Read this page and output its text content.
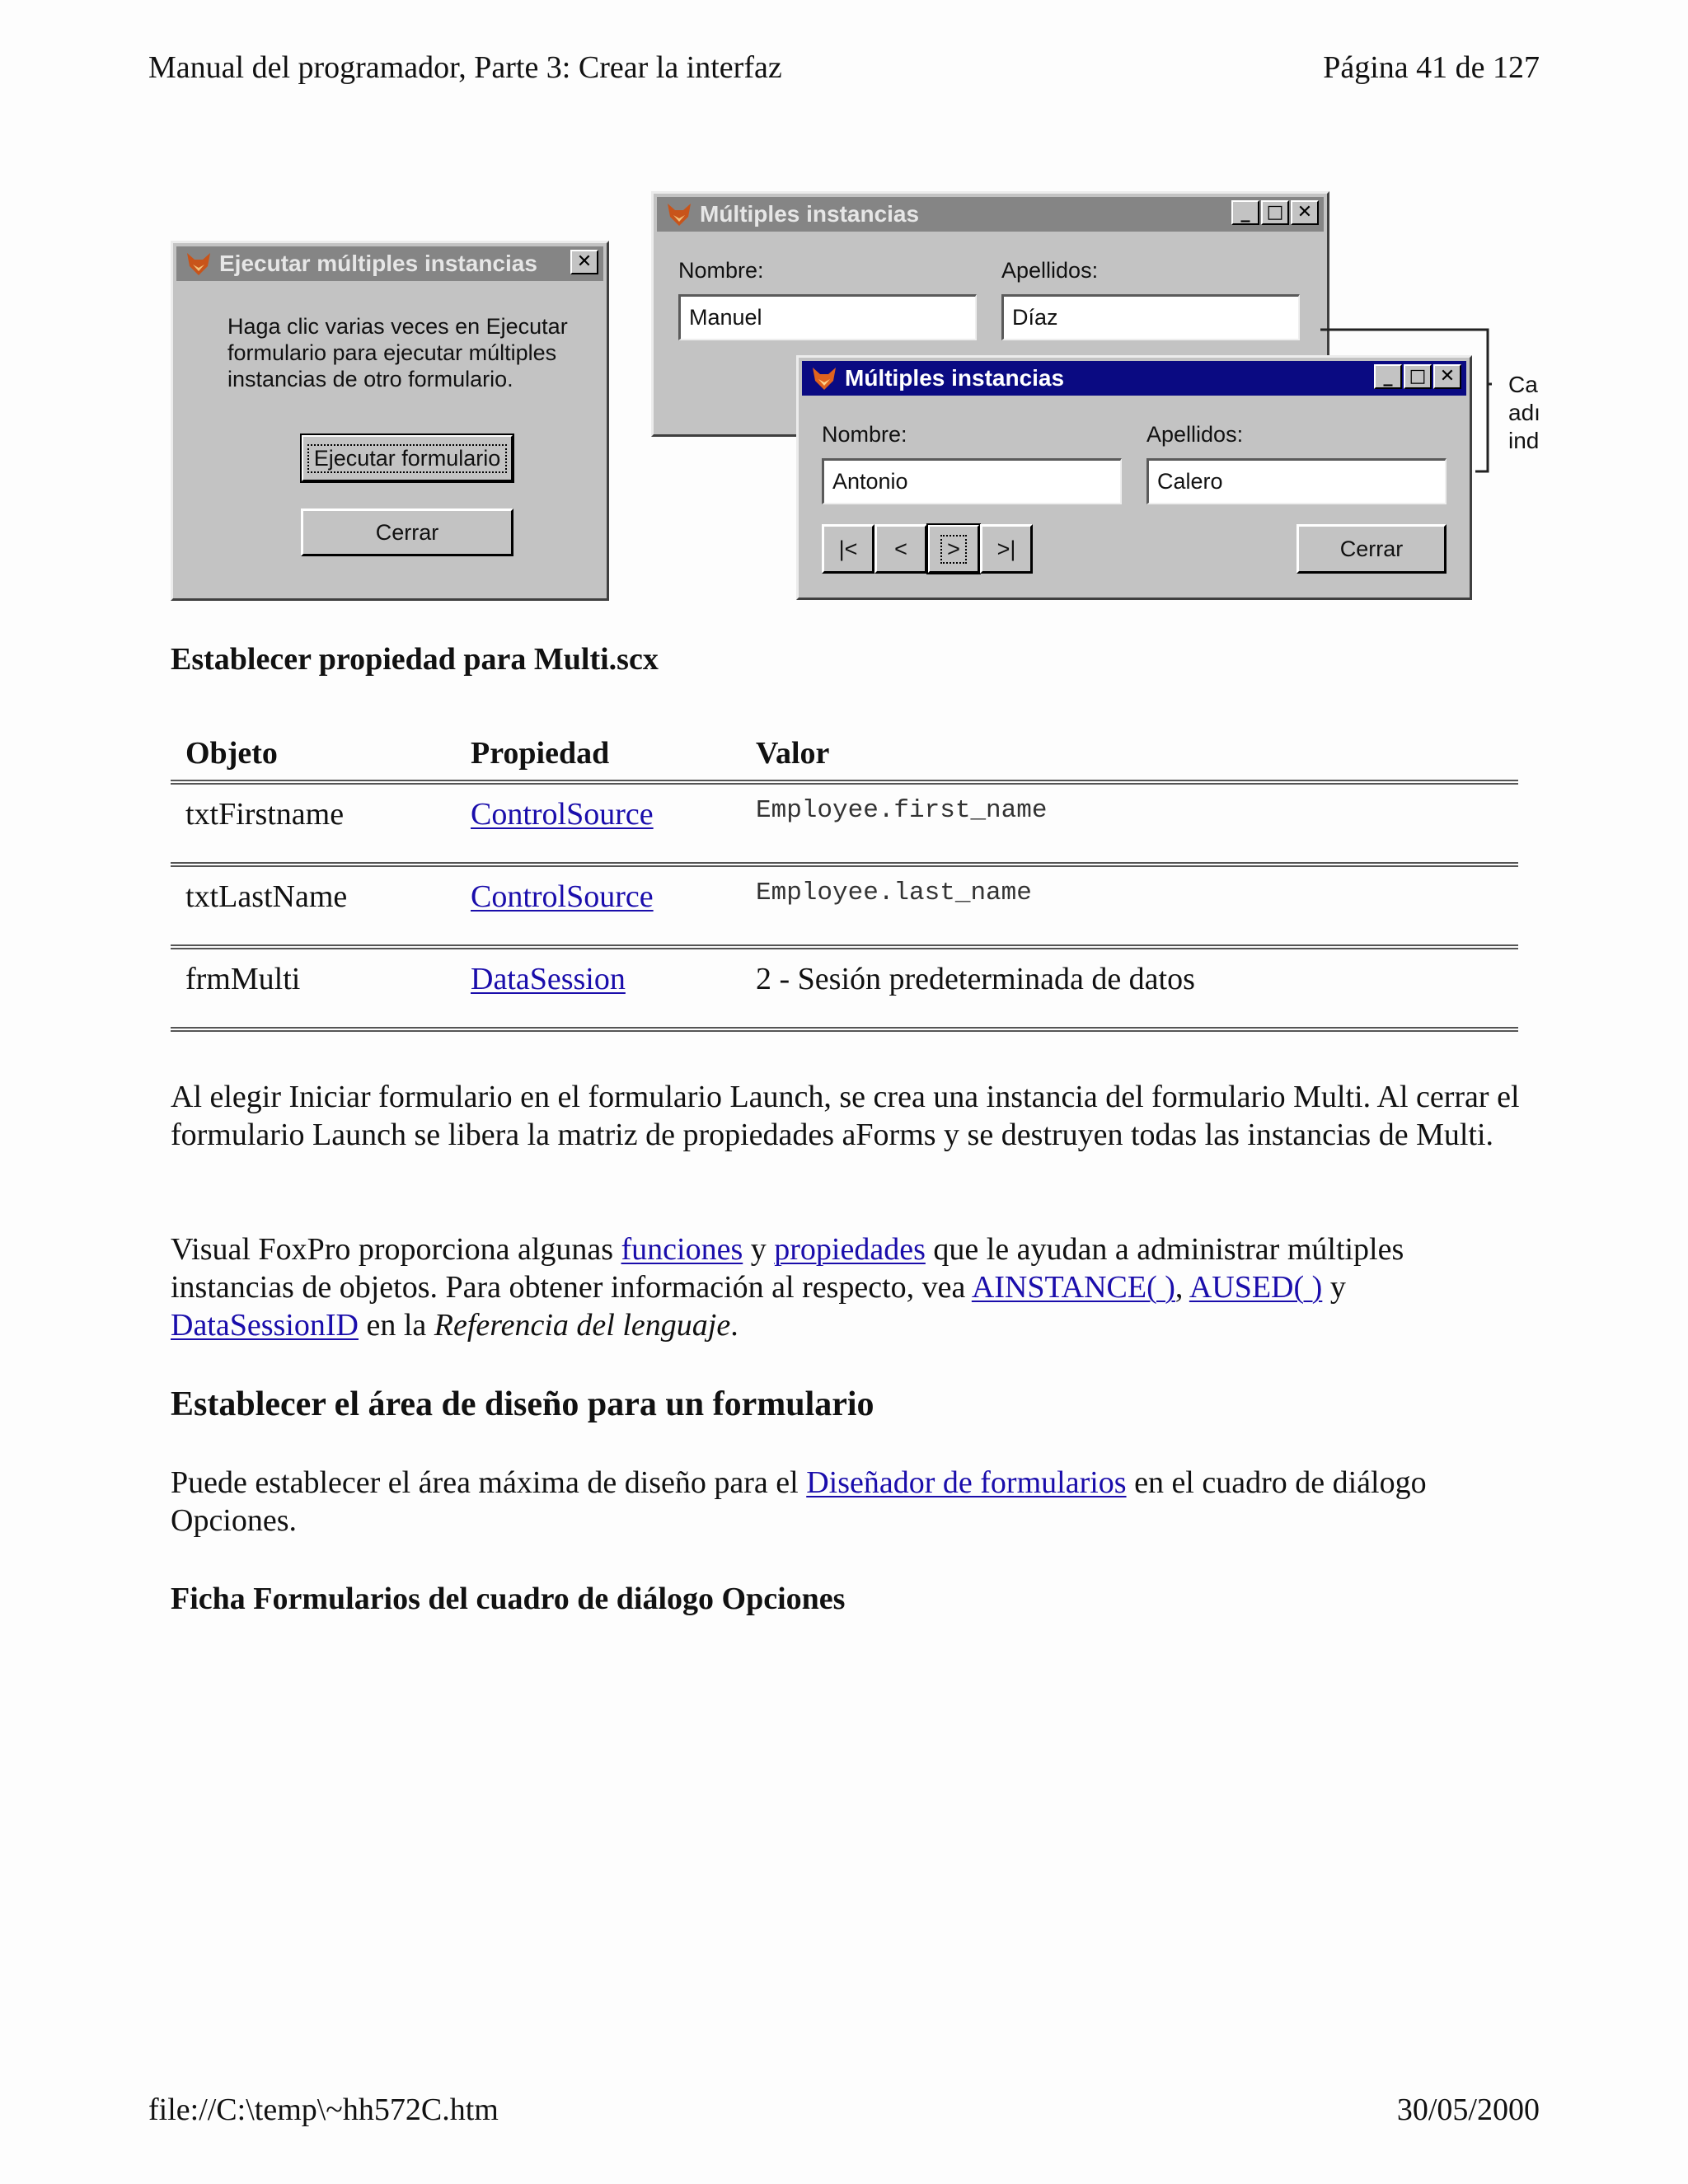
Manual del programador, Parte 3: Crear la interfaz	Página 41 de 127
Ejecutar múltiples instancias	✕
Haga clic varias veces en Ejecutar formulario para ejecutar múltiples instancias de otro formulario.
Ejecutar formulario
Cerrar
Múltiples instancias	_ □ ✕
Nombre:	Apellidos:
Manuel	Díaz
Ca
adı
ind
Múltiples instancias	_ □ ✕
Nombre:	Apellidos:
Antonio	Calero
|<	<	>	>|	Cerrar
Establecer propiedad para Multi.scx
Objeto	Propiedad	Valor
txtFirstname	ControlSource	Employee.first_name
txtLastName	ControlSource	Employee.last_name
frmMulti	DataSession	2 - Sesión predeterminada de datos
Al elegir Iniciar formulario en el formulario Launch, se crea una instancia del formulario Multi. Al cerrar el formulario Launch se libera la matriz de propiedades aForms y se destruyen todas las instancias de Multi.
Visual FoxPro proporciona algunas funciones y propiedades que le ayudan a administrar múltiples instancias de objetos. Para obtener información al respecto, vea AINSTANCE( ), AUSED( ) y DataSessionID en la Referencia del lenguaje.
Establecer el área de diseño para un formulario
Puede establecer el área máxima de diseño para el Diseñador de formularios en el cuadro de diálogo Opciones.
Ficha Formularios del cuadro de diálogo Opciones
file://C:\temp\~hh572C.htm	30/05/2000
